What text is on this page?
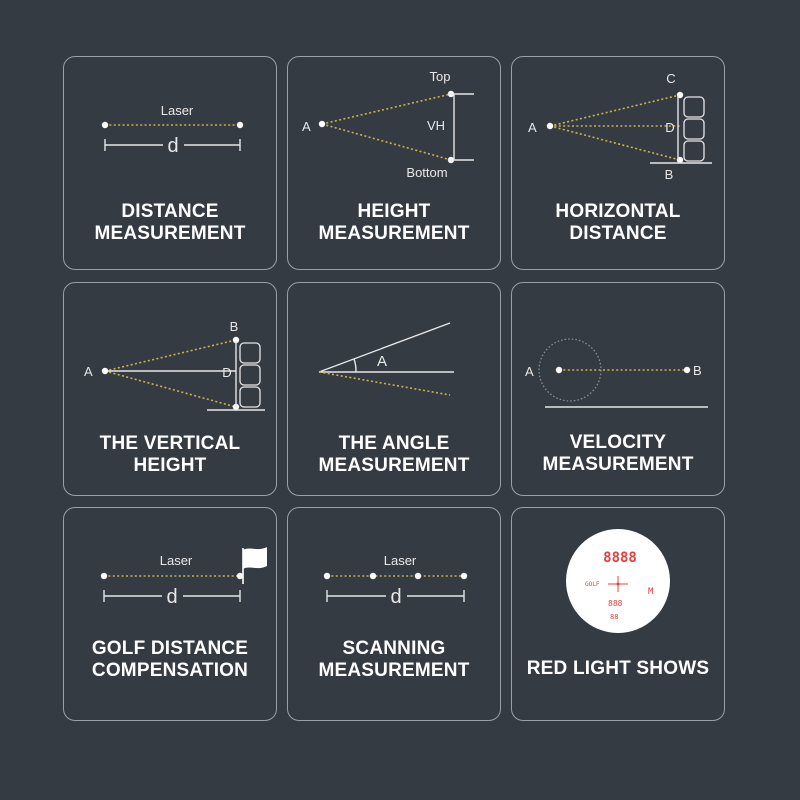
Laser
d
DISTANCE
MEASUREMENT
Top
A	VH
Bottom
HEIGHT
MEASUREMENT
C
A	D
B
HORIZONTAL
DISTANCE
B
A	D
THE VERTICAL
HEIGHT
A
THE ANGLE
MEASUREMENT
A	B
VELOCITY
MEASUREMENT
Laser
d
GOLF DISTANCE
COMPENSATION
Laser
d
SCANNING
MEASUREMENT
8888
GOLF
M
888
88
RED LIGHT SHOWS
